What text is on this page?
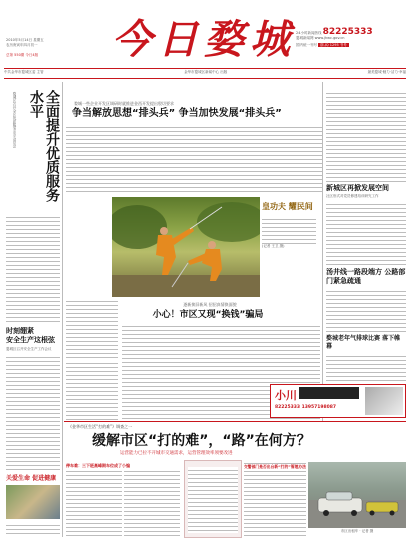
2010年5月14日 星期五
农历庚寅年四月初一
总第 550期 今日4版	今日婺城 24小时新闻热线 82225333
婺城新闻网 www.jhwc.gov.cn
国内统一刊号 浙-JQ 1295 书号
中共金华市婺城区委 主管	金华市婺城区新闻中心 出版	最美婺城·魅力·活力·幸福
婺城区召开全区优质服务水平动员会	全面提升优质服务水平
时刻绷紧
安全生产这根弦
婺城区召开安全生产工作会议
关爱生命 促进健康
婺城一些企业开发区调研时就推进金西开发提出殷切要求
争当解放思想“排头兵” 争当加快发展“排头兵”
皇功夫 耀民间
(记者 王卫 摄)
逐新换旧新风 招招真情换面貌
小心！市区又现“换钱”骗局
新城区再掀发展空间
社区形式对党员修建培训研究工作
汤井线一路段端方 公路部门紧急疏通
婺城老年气排球比赛 落下帷幕
小川
82225333 13957198087
《金华市区生活“打的难”》调查之一
缓解市区“打的难”，“路”在何方？
运营能力已拉不开城市交通需求，运营管理效率须要改进
停车难：三下班高峰期车位成了小编	交警部门是否出台新“打的”管理办法
市区出租车 · 记者 摄
